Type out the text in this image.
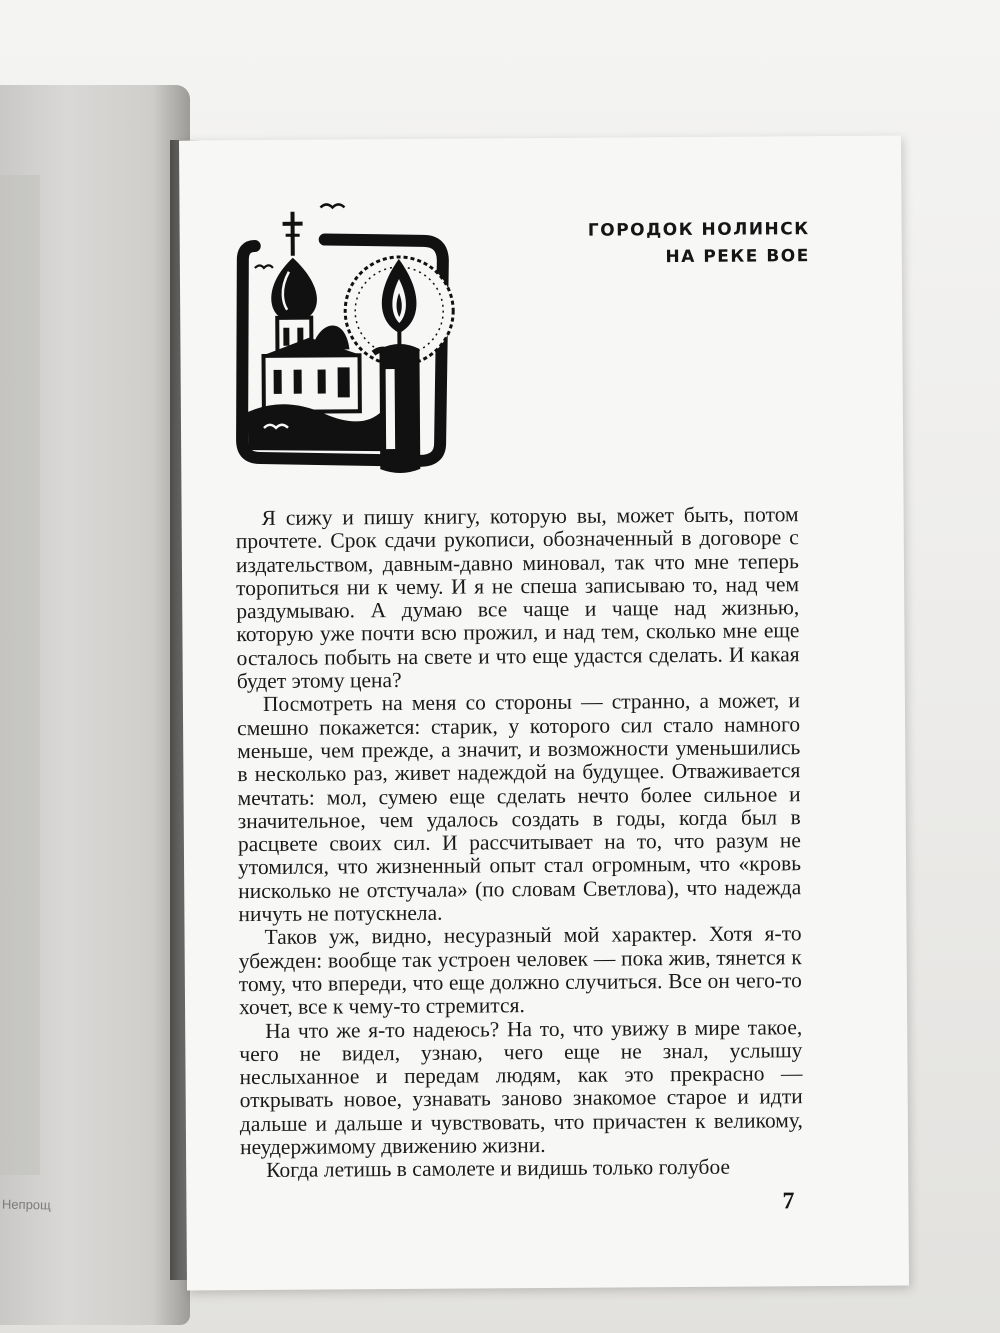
Непрощ
ГОРОДОК НОЛИНСК
НА РЕКЕ ВОЕ

Я сижу и пишу книгу, которую вы, может быть, потом прочтете. Срок сдачи рукописи, обозначенный в договоре с издательством, давным-давно миновал, так что мне теперь торопиться ни к чему. И я не спеша записываю то, над чем раздумываю. А думаю все чаще и чаще над жизнью, которую уже почти всю прожил, и над тем, сколько мне еще осталось побыть на свете и что еще удастся сделать. И какая будет этому цена?

Посмотреть на меня со стороны — странно, а может, и смешно покажется: старик, у которого сил стало намного меньше, чем прежде, а значит, и возможности уменьшились в несколько раз, живет надеждой на будущее. Отваживается мечтать: мол, сумею еще сделать нечто более сильное и значительное, чем удалось создать в годы, когда был в расцвете своих сил. И рассчитывает на то, что разум не утомился, что жизненный опыт стал огромным, что «кровь нисколько не отстучала» (по словам Светлова), что надежда ничуть не потускнела.

Таков уж, видно, несуразный мой характер. Хотя я-то убежден: вообще так устроен человек — пока жив, тянется к тому, что впереди, что еще должно случиться. Все он чего-то хочет, все к чему-то стремится.

На что же я-то надеюсь? На то, что увижу в мире такое, чего не видел, узнаю, чего еще не знал, услышу неслыханное и передам людям, как это прекрасно — открывать новое, узнавать заново знакомое старое и идти дальше и дальше и чувствовать, что причастен к великому, неудержимому движению жизни.

Когда летишь в самолете и видишь только голубое

7
